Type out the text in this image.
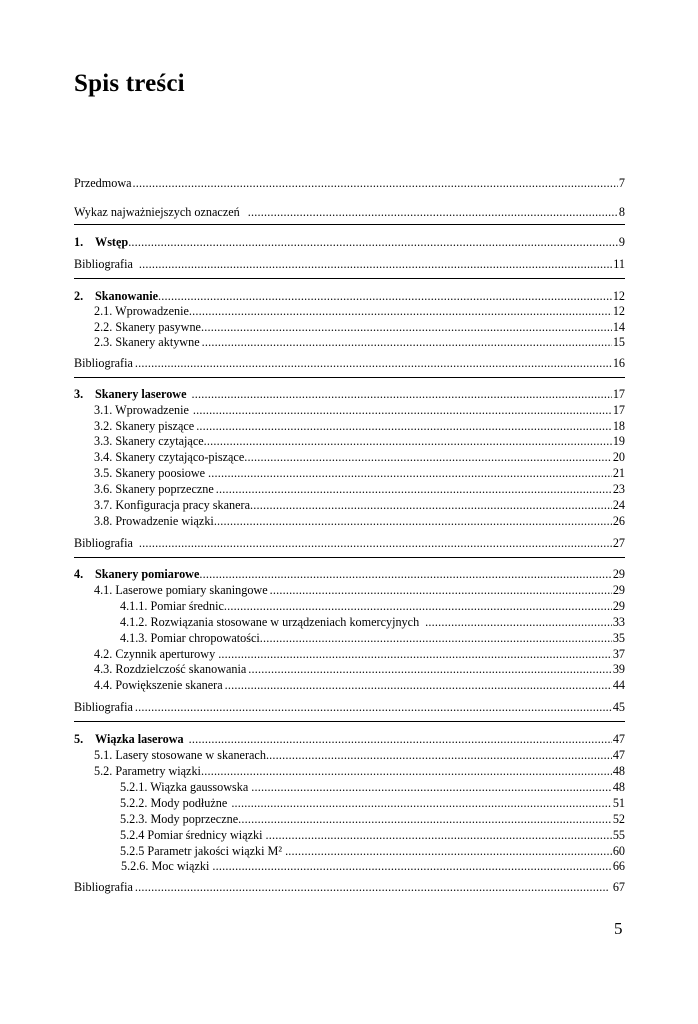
Spis treści
Przedmowa .....	7
Wykaz najważniejszych oznaczeń .....	8
1. Wstęp .....	9
Bibliografia .....	11
2. Skanowanie .....	12
2.1. Wprowadzenie .....	12
2.2. Skanery pasywne .....	14
2.3. Skanery aktywne .....	15
Bibliografia .....	16
3. Skanery laserowe .....	17
3.1. Wprowadzenie .....	17
3.2. Skanery piszące .....	18
3.3. Skanery czytające .....	19
3.4. Skanery czytająco-piszące .....	20
3.5. Skanery poosiowe .....	21
3.6. Skanery poprzeczne .....	23
3.7. Konfiguracja pracy skanera .....	24
3.8. Prowadzenie wiązki .....	26
Bibliografia .....	27
4. Skanery pomiarowe .....	29
4.1. Laserowe pomiary skaningowe .....	29
4.1.1. Pomiar średnic .....	29
4.1.2. Rozwiązania stosowane w urządzeniach komercyjnych .....	33
4.1.3. Pomiar chropowatości .....	35
4.2. Czynnik aperturowy .....	37
4.3. Rozdzielczość skanowania .....	39
4.4. Powiększenie skanera .....	44
Bibliografia .....	45
5. Wiązka laserowa .....	47
5.1. Lasery stosowane w skanerach .....	47
5.2. Parametry wiązki .....	48
5.2.1. Wiązka gaussowska .....	48
5.2.2. Mody podłużne .....	51
5.2.3. Mody poprzeczne .....	52
5.2.4 Pomiar średnicy wiązki .....	55
5.2.5 Parametr jakości wiązki M² .....	60
5.2.6. Moc wiązki .....	66
Bibliografia .....	67
5
